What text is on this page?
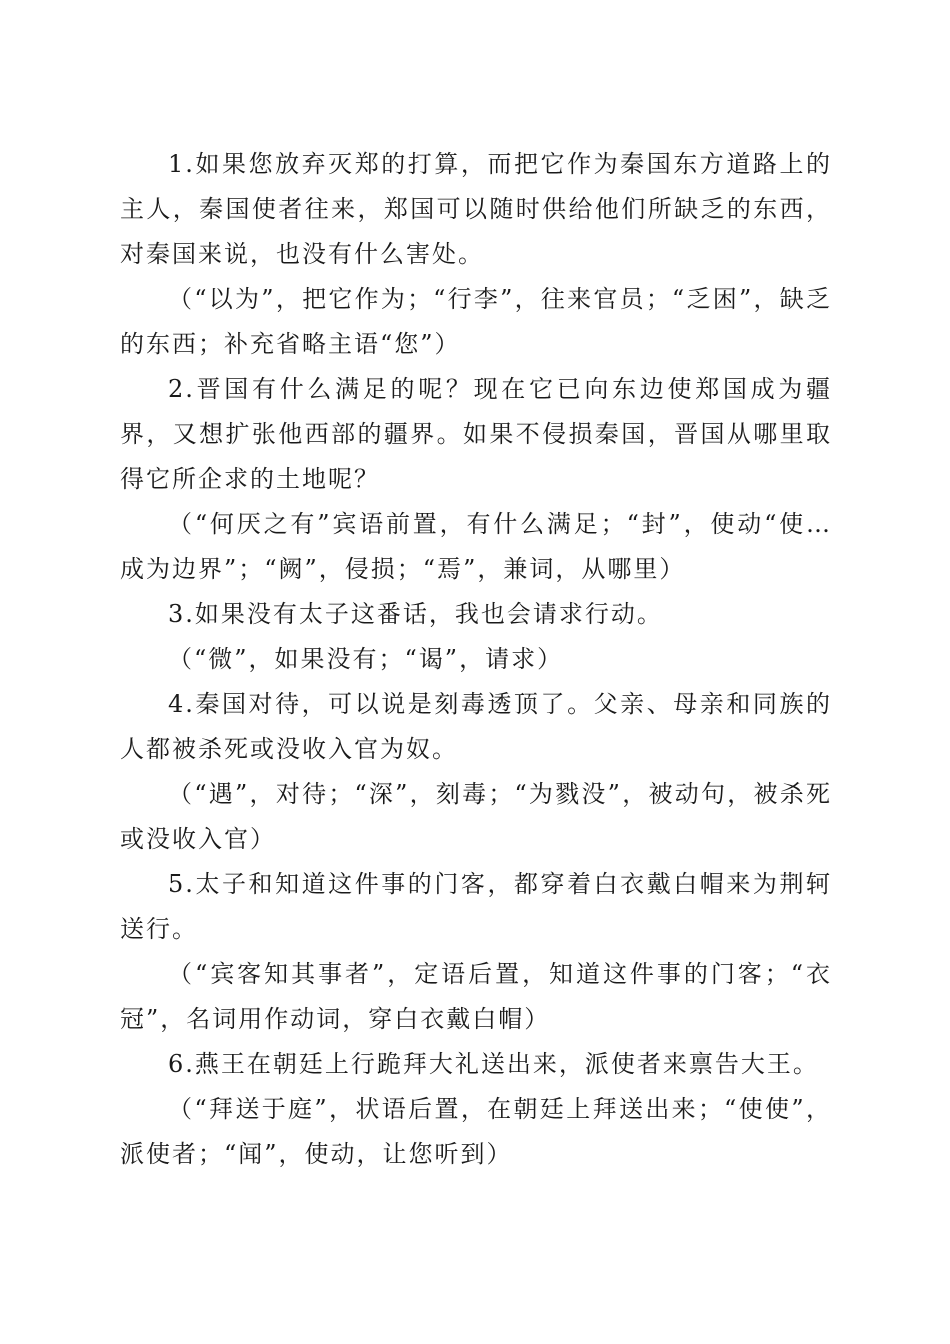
1.如果您放弃灭郑的打算，而把它作为秦国东方道路上的主人，秦国使者往来，郑国可以随时供给他们所缺乏的东西，对秦国来说，也没有什么害处。

（“以为”，把它作为；“行李”，往来官员；“乏困”，缺乏的东西；补充省略主语“您”）

2.晋国有什么满足的呢？现在它已向东边使郑国成为疆界，又想扩张他西部的疆界。如果不侵损秦国，晋国从哪里取得它所企求的土地呢？

（“何厌之有”宾语前置，有什么满足；“封”，使动“使…成为边界”；“阙”，侵损；“焉”，兼词，从哪里）

3.如果没有太子这番话，我也会请求行动。

（“微”，如果没有；“谒”，请求）

4.秦国对待，可以说是刻毒透顶了。父亲、母亲和同族的人都被杀死或没收入官为奴。

（“遇”，对待；“深”，刻毒；“为戮没”，被动句，被杀死或没收入官）

5.太子和知道这件事的门客，都穿着白衣戴白帽来为荆轲送行。

（“宾客知其事者”，定语后置，知道这件事的门客；“衣冠”，名词用作动词，穿白衣戴白帽）

6.燕王在朝廷上行跪拜大礼送出来，派使者来禀告大王。

（“拜送于庭”，状语后置，在朝廷上拜送出来；“使使”，派使者；“闻”，使动，让您听到）
